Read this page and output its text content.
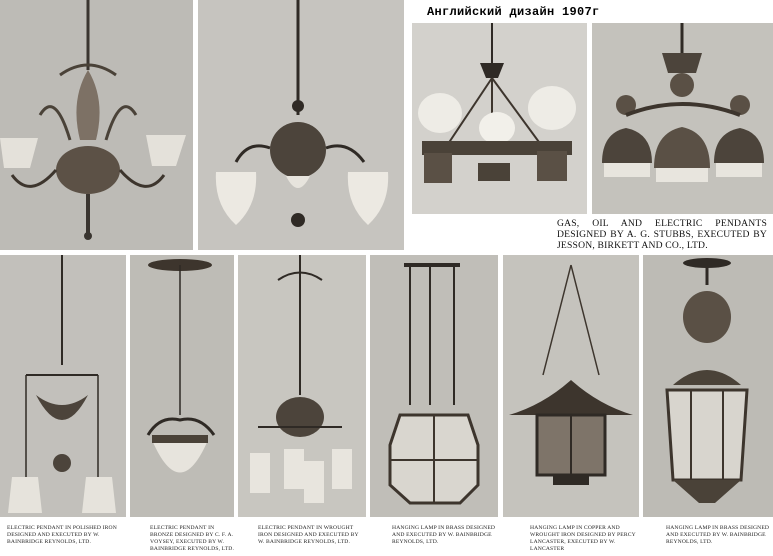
Английский дизайн 1907г
GAS, OIL AND ELECTRIC PENDANTS DESIGNED BY A. G. STUBBS, EXECUTED BY JESSON, BIRKETT AND CO., LTD.
ELECTRIC PENDANT IN POLISHED IRON DESIGNED AND EXECUTED BY W. BAINBRIDGE REYNOLDS, LTD.
ELECTRIC PENDANT IN BRONZE DESIGNED BY C. F. A. VOYSEY, EXECUTED BY W. BAINBRIDGE REYNOLDS, LTD.
ELECTRIC PENDANT IN WROUGHT IRON DESIGNED AND EXECUTED BY W. BAINBRIDGE REYNOLDS, LTD.
HANGING LAMP IN BRASS DESIGNED AND EXECUTED BY W. BAINBRIDGE REYNOLDS, LTD.
HANGING LAMP IN COPPER AND WROUGHT IRON DESIGNED BY PERCY LANCASTER, EXECUTED BY W. LANCASTER
HANGING LAMP IN BRASS DESIGNED AND EXECUTED BY W. BAINBRIDGE REYNOLDS, LTD.
